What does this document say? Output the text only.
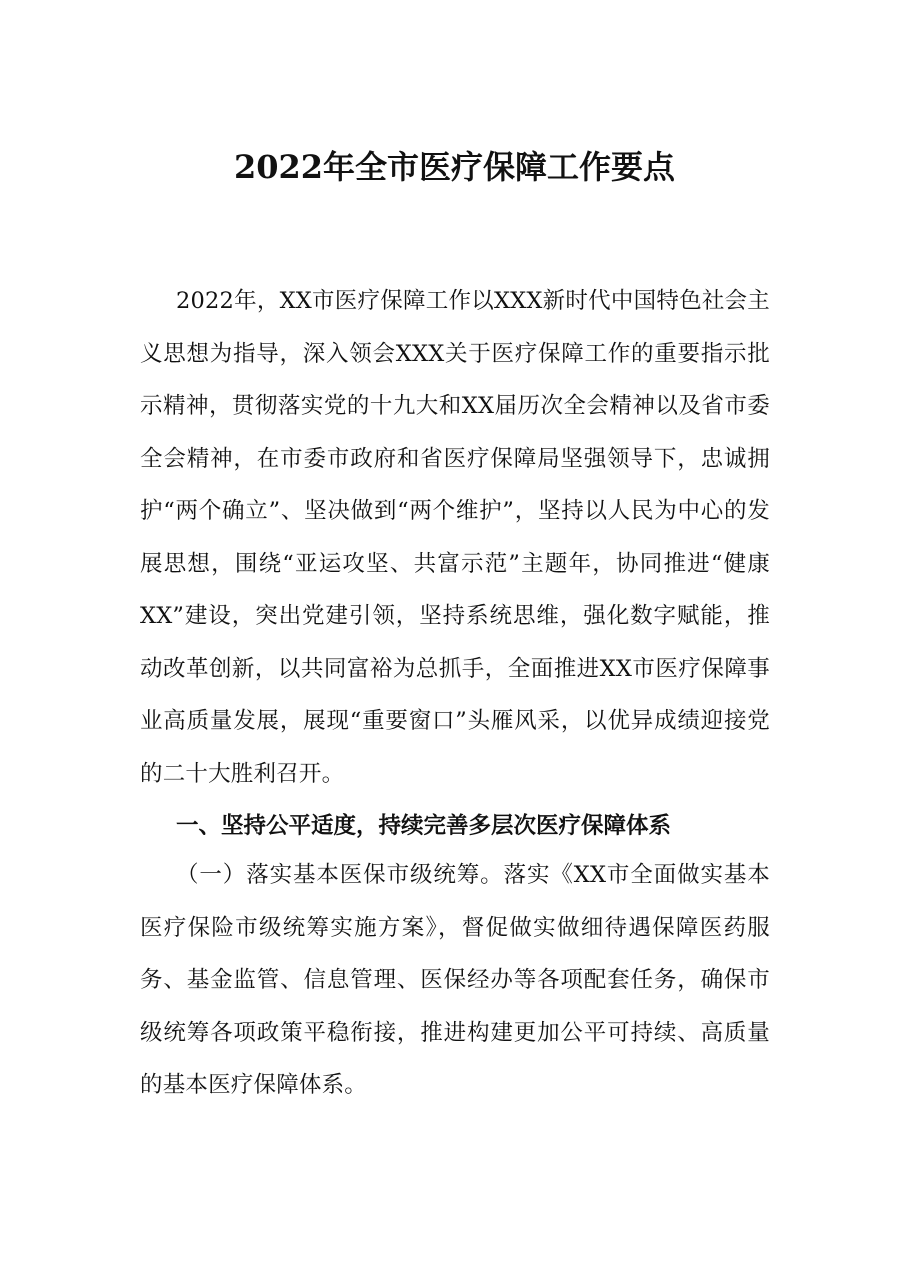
2022年全市医疗保障工作要点
2022年，XX市医疗保障工作以XXX新时代中国特色社会主义思想为指导，深入领会XXX关于医疗保障工作的重要指示批示精神，贯彻落实党的十九大和XX届历次全会精神以及省市委全会精神，在市委市政府和省医疗保障局坚强领导下，忠诚拥护“两个确立”、坚决做到“两个维护”，坚持以人民为中心的发展思想，围绕“亚运攻坚、共富示范”主题年，协同推进“健康XX”建设，突出党建引领，坚持系统思维，强化数字赋能，推动改革创新，以共同富裕为总抓手，全面推进XX市医疗保障事业高质量发展，展现“重要窗口”头雁风采，以优异成绩迎接党的二十大胜利召开。
一、坚持公平适度，持续完善多层次医疗保障体系
（一）落实基本医保市级统筹。落实《XX市全面做实基本医疗保险市级统筹实施方案》，督促做实做细待遇保障医药服务、基金监管、信息管理、医保经办等各项配套任务，确保市级统筹各项政策平稳衔接，推进构建更加公平可持续、高质量的基本医疗保障体系。
